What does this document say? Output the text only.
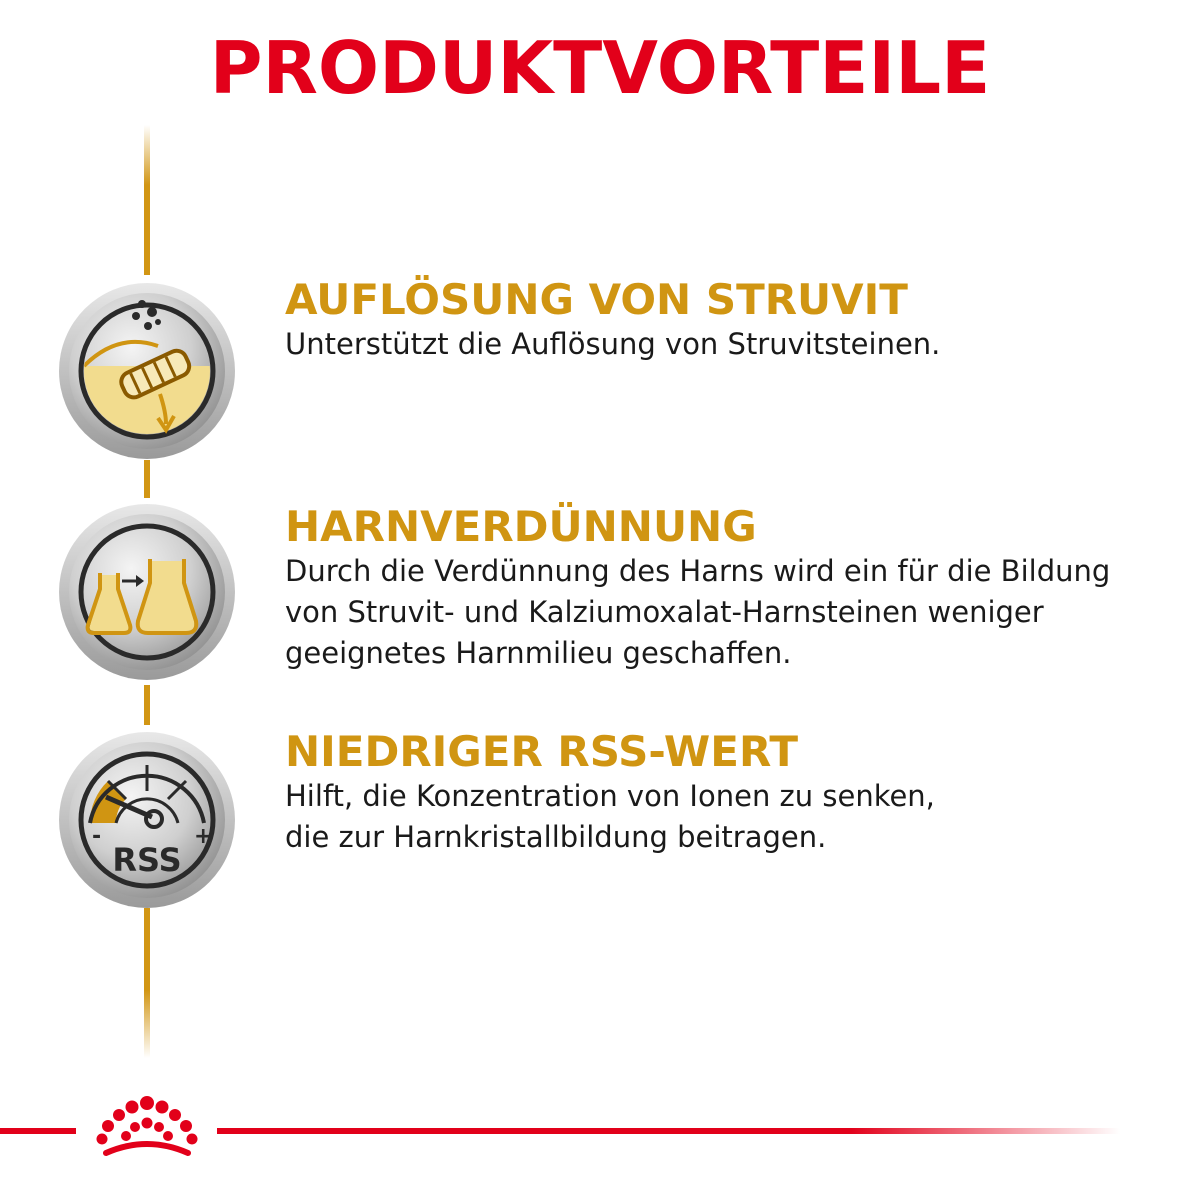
PRODUKTVORTEILE
-	+
RSS
AUFLÖSUNG VON STRUVIT

Unterstützt die Auflösung von Struvitsteinen.

HARNVERDÜNNUNG

Durch die Verdünnung des Harns wird ein für die Bildung

von Struvit- und Kalziumoxalat-Harnsteinen weniger

geeignetes Harnmilieu geschaffen.

NIEDRIGER RSS-WERT

Hilft, die Konzentration von Ionen zu senken,

die zur Harnkristallbildung beitragen.
